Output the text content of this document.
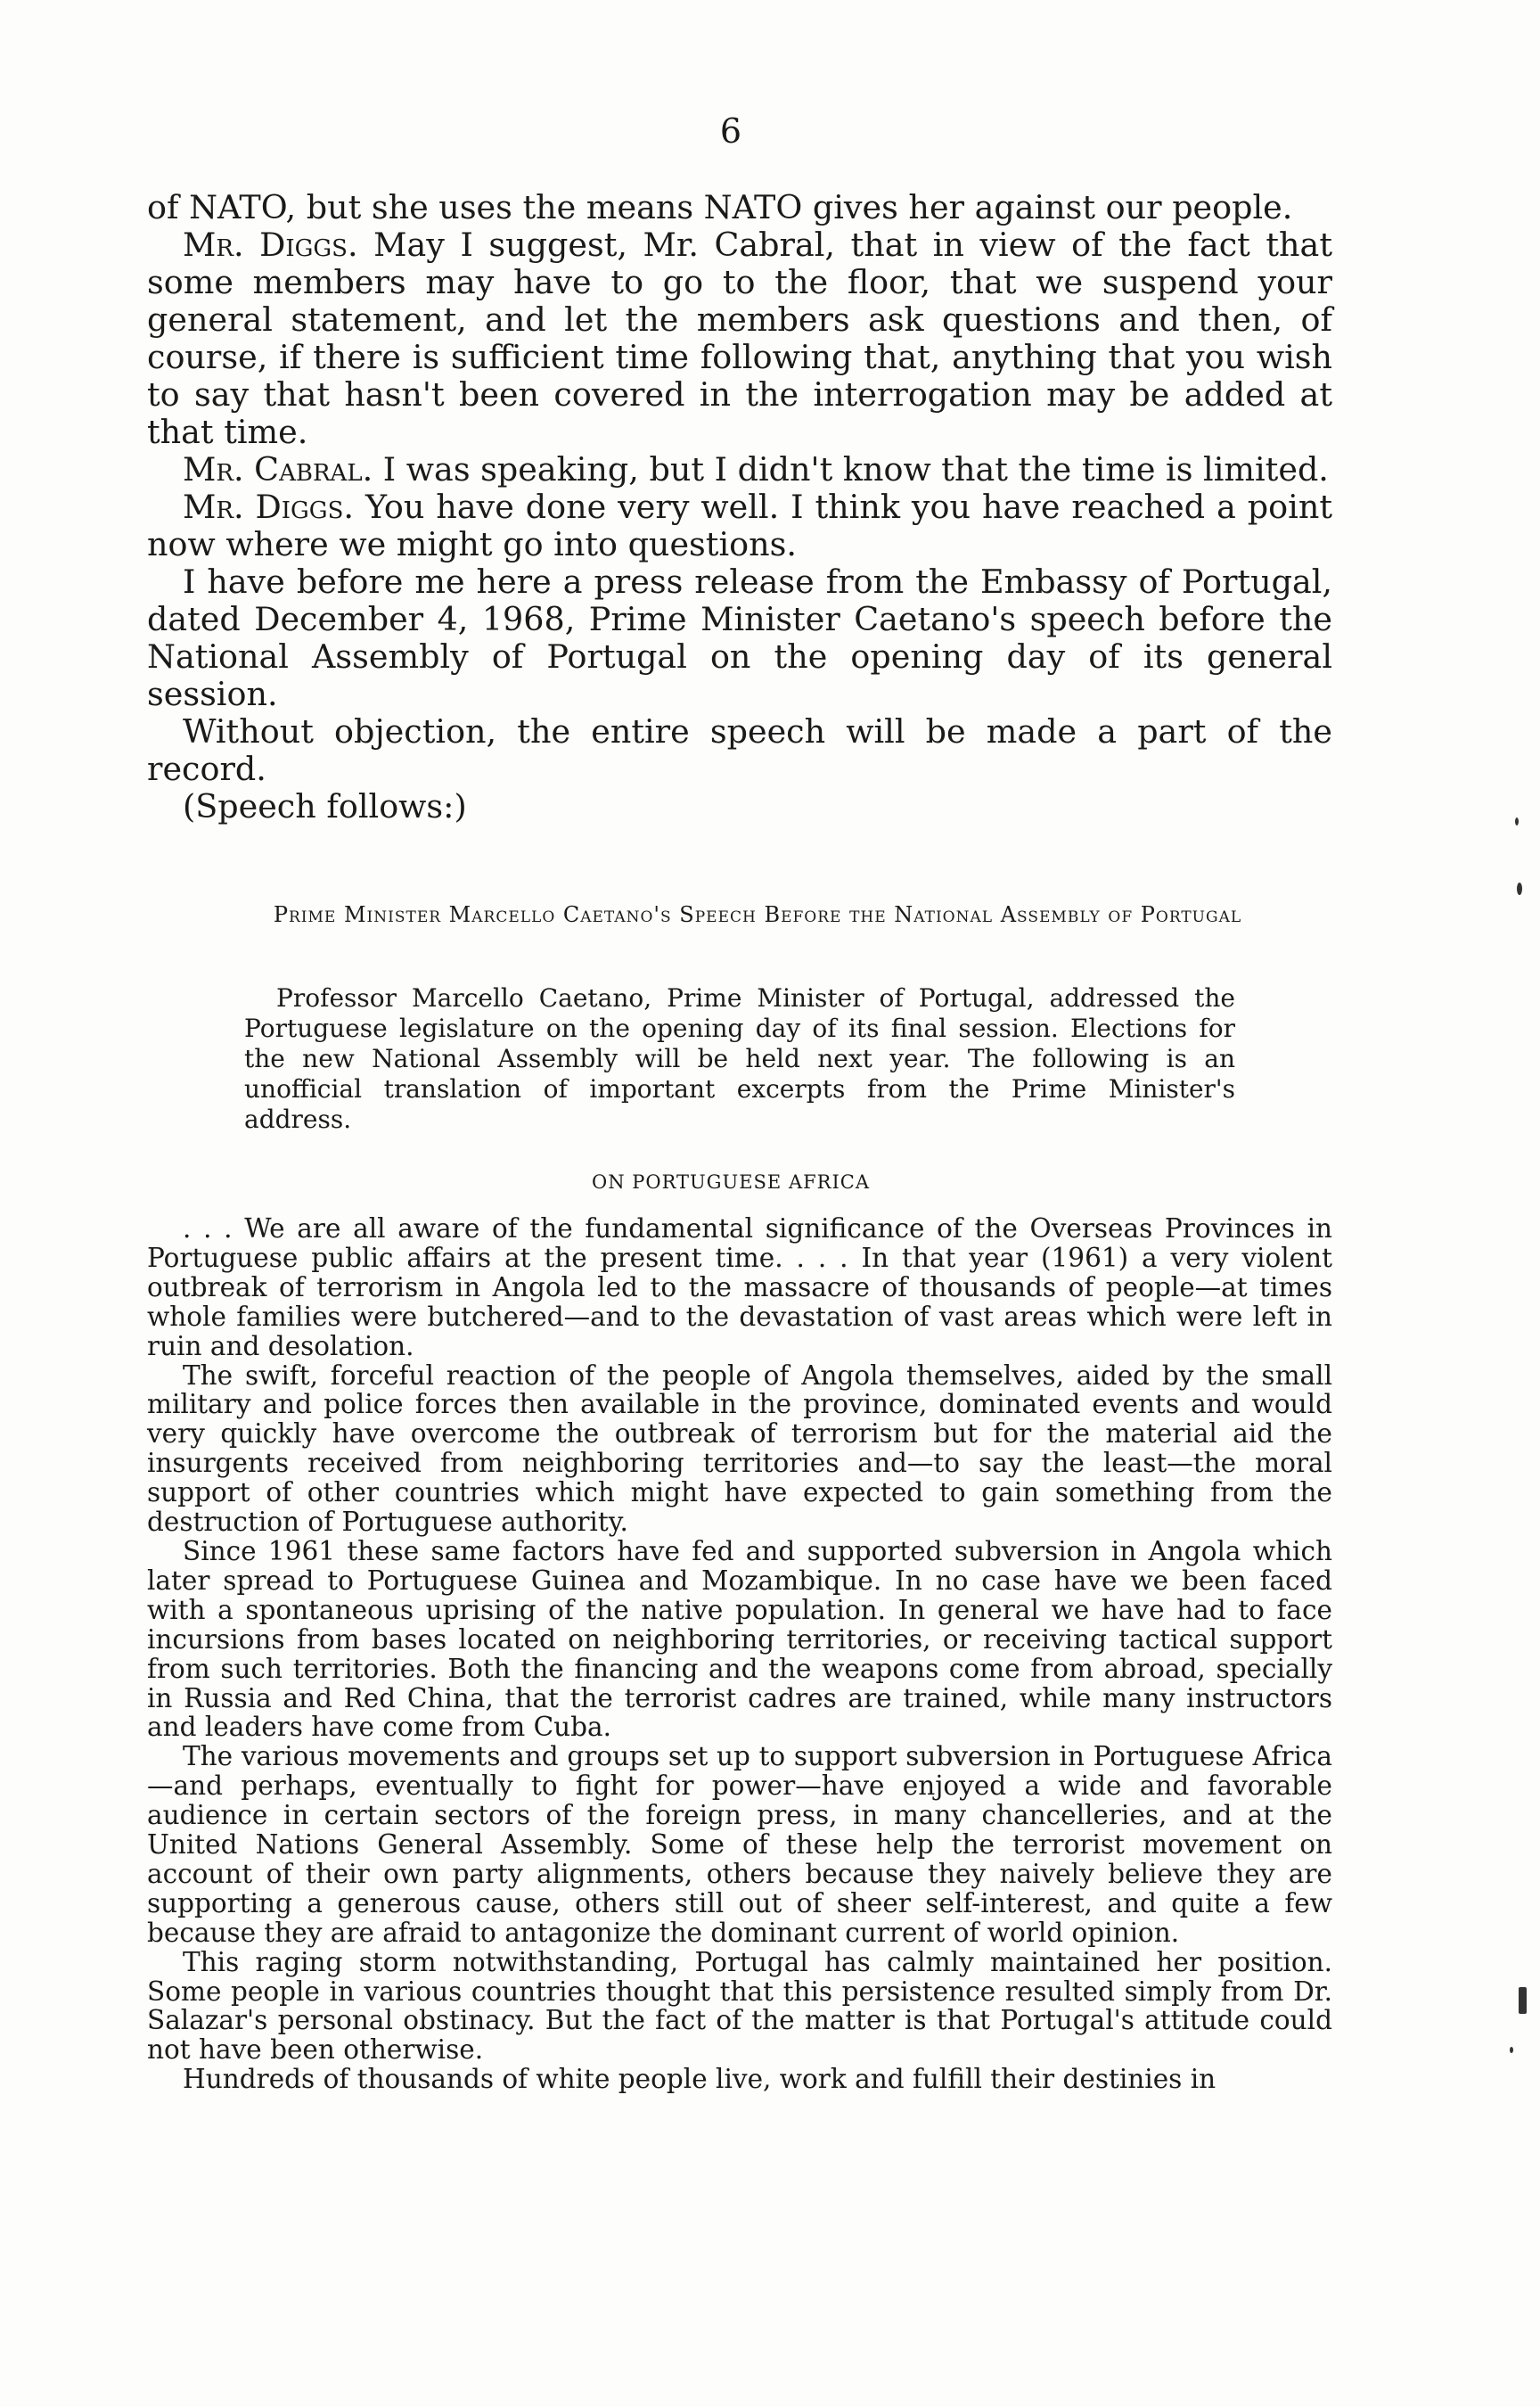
6

of NATO, but she uses the means NATO gives her against our people.

Mr. Diggs. May I suggest, Mr. Cabral, that in view of the fact that some members may have to go to the floor, that we suspend your general statement, and let the members ask questions and then, of course, if there is sufficient time following that, anything that you wish to say that hasn't been covered in the interrogation may be added at that time.

Mr. Cabral. I was speaking, but I didn't know that the time is limited.

Mr. Diggs. You have done very well. I think you have reached a point now where we might go into questions.

I have before me here a press release from the Embassy of Portugal, dated December 4, 1968, Prime Minister Caetano's speech before the National Assembly of Portugal on the opening day of its general session.

Without objection, the entire speech will be made a part of the record.

(Speech follows:)

Prime Minister Marcello Caetano's Speech Before the National Assembly of Portugal
Professor Marcello Caetano, Prime Minister of Portugal, addressed the Portuguese legislature on the opening day of its final session. Elections for the new National Assembly will be held next year. The following is an unofficial translation of important excerpts from the Prime Minister's address.
ON PORTUGUESE AFRICA

. . . We are all aware of the fundamental significance of the Overseas Provinces in Portuguese public affairs at the present time. . . . In that year (1961) a very violent outbreak of terrorism in Angola led to the massacre of thousands of people—at times whole families were butchered—and to the devastation of vast areas which were left in ruin and desolation.

The swift, forceful reaction of the people of Angola themselves, aided by the small military and police forces then available in the province, dominated events and would very quickly have overcome the outbreak of terrorism but for the material aid the insurgents received from neighboring territories and—to say the least—the moral support of other countries which might have expected to gain something from the destruction of Portuguese authority.

Since 1961 these same factors have fed and supported subversion in Angola which later spread to Portuguese Guinea and Mozambique. In no case have we been faced with a spontaneous uprising of the native population. In general we have had to face incursions from bases located on neighboring territories, or receiving tactical support from such territories. Both the financing and the weapons come from abroad, specially in Russia and Red China, that the terrorist cadres are trained, while many instructors and leaders have come from Cuba.

The various movements and groups set up to support subversion in Portuguese Africa—and perhaps, eventually to fight for power—have enjoyed a wide and favorable audience in certain sectors of the foreign press, in many chancelleries, and at the United Nations General Assembly. Some of these help the terrorist movement on account of their own party alignments, others because they naively believe they are supporting a generous cause, others still out of sheer self-interest, and quite a few because they are afraid to antagonize the dominant current of world opinion.

This raging storm notwithstanding, Portugal has calmly maintained her position. Some people in various countries thought that this persistence resulted simply from Dr. Salazar's personal obstinacy. But the fact of the matter is that Portugal's attitude could not have been otherwise.

Hundreds of thousands of white people live, work and fulfill their destinies in
